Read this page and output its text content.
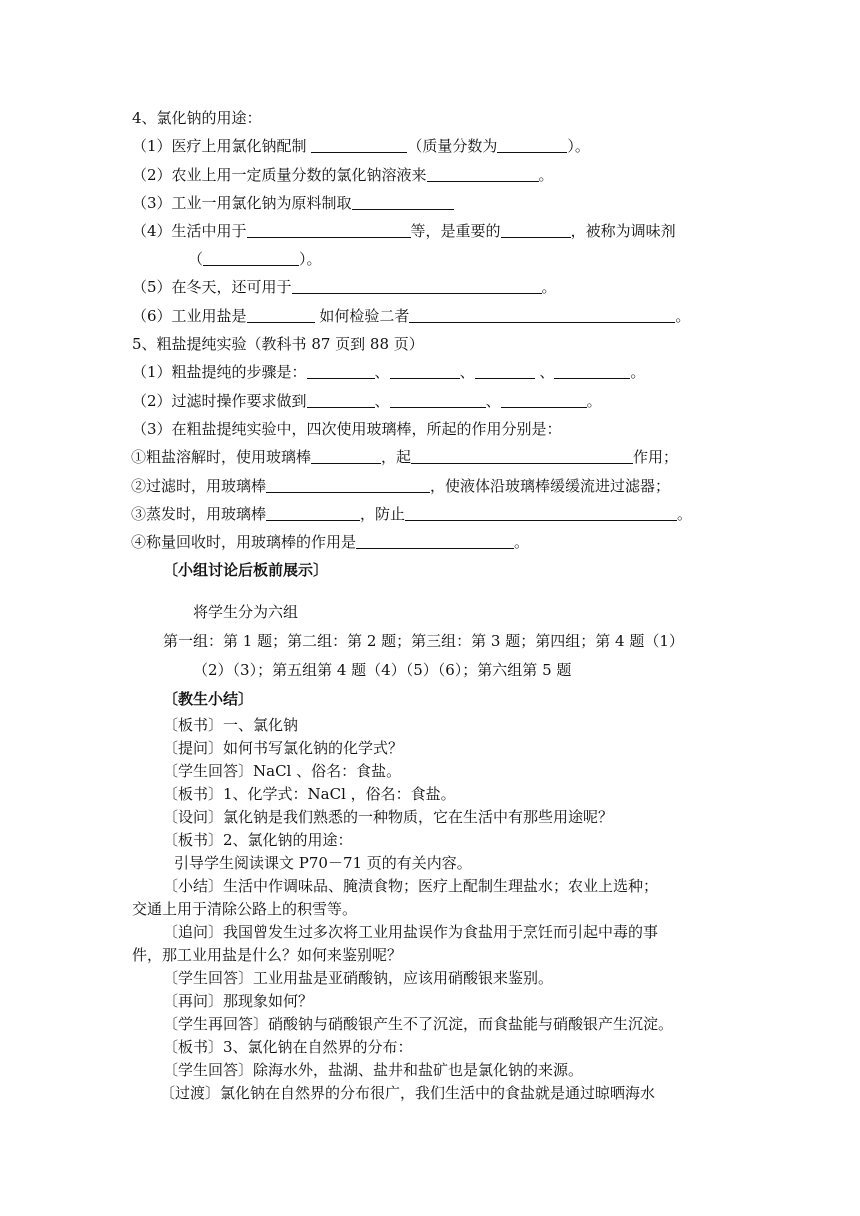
4、氯化钠的用途：
（1）医疗上用氯化钠配制	（质量分数为	）。
（2）农业上用一定质量分数的氯化钠溶液来	。
（3）工业一用氯化钠为原料制取
（4）生活中用于	等，是重要的	，被称为调味剂
（	）。
（5）在冬天，还可用于	。
（6）工业用盐是	如何检验二者	。
5、粗盐提纯实验（教科书 87 页到 88 页）
（1）粗盐提纯的步骤是：	、	、	、	。
（2）过滤时操作要求做到	、	、	。
（3）在粗盐提纯实验中，四次使用玻璃棒，所起的作用分别是：
①粗盐溶解时，使用玻璃棒	，起	作用；
②过滤时，用玻璃棒	，使液体沿玻璃棒缓缓流进过滤器；
③蒸发时，用玻璃棒	，防止	。
④称量回收时，用玻璃棒的作用是	。
〔小组讨论后板前展示〕
将学生分为六组
第一组：第 1 题；第二组：第 2 题；第三组：第 3 题；第四组；第 4 题（1）
（2）（3）；第五组第 4 题（4）（5）（6）；第六组第 5 题
〔教生小结〕
〔板书〕一、氯化钠
〔提问〕如何书写氯化钠的化学式？
〔学生回答〕NaCl 、俗名：食盐。
〔板书〕1、化学式：NaCl ，俗名：食盐。
〔设问〕氯化钠是我们熟悉的一种物质，它在生活中有那些用途呢？
〔板书〕2、氯化钠的用途：
引导学生阅读课文 P70－71 页的有关内容。
〔小结〕生活中作调味品、腌渍食物；医疗上配制生理盐水；农业上选种；
交通上用于清除公路上的积雪等。
〔追问〕我国曾发生过多次将工业用盐误作为食盐用于烹饪而引起中毒的事
件，那工业用盐是什么？如何来鉴别呢？
〔学生回答〕工业用盐是亚硝酸钠，应该用硝酸银来鉴别。
〔再问〕那现象如何？
〔学生再回答〕硝酸钠与硝酸银产生不了沉淀，而食盐能与硝酸银产生沉淀。
〔板书〕3、氯化钠在自然界的分布：
〔学生回答〕除海水外，盐湖、盐井和盐矿也是氯化钠的来源。
〔过渡〕氯化钠在自然界的分布很广，我们生活中的食盐就是通过晾晒海水
